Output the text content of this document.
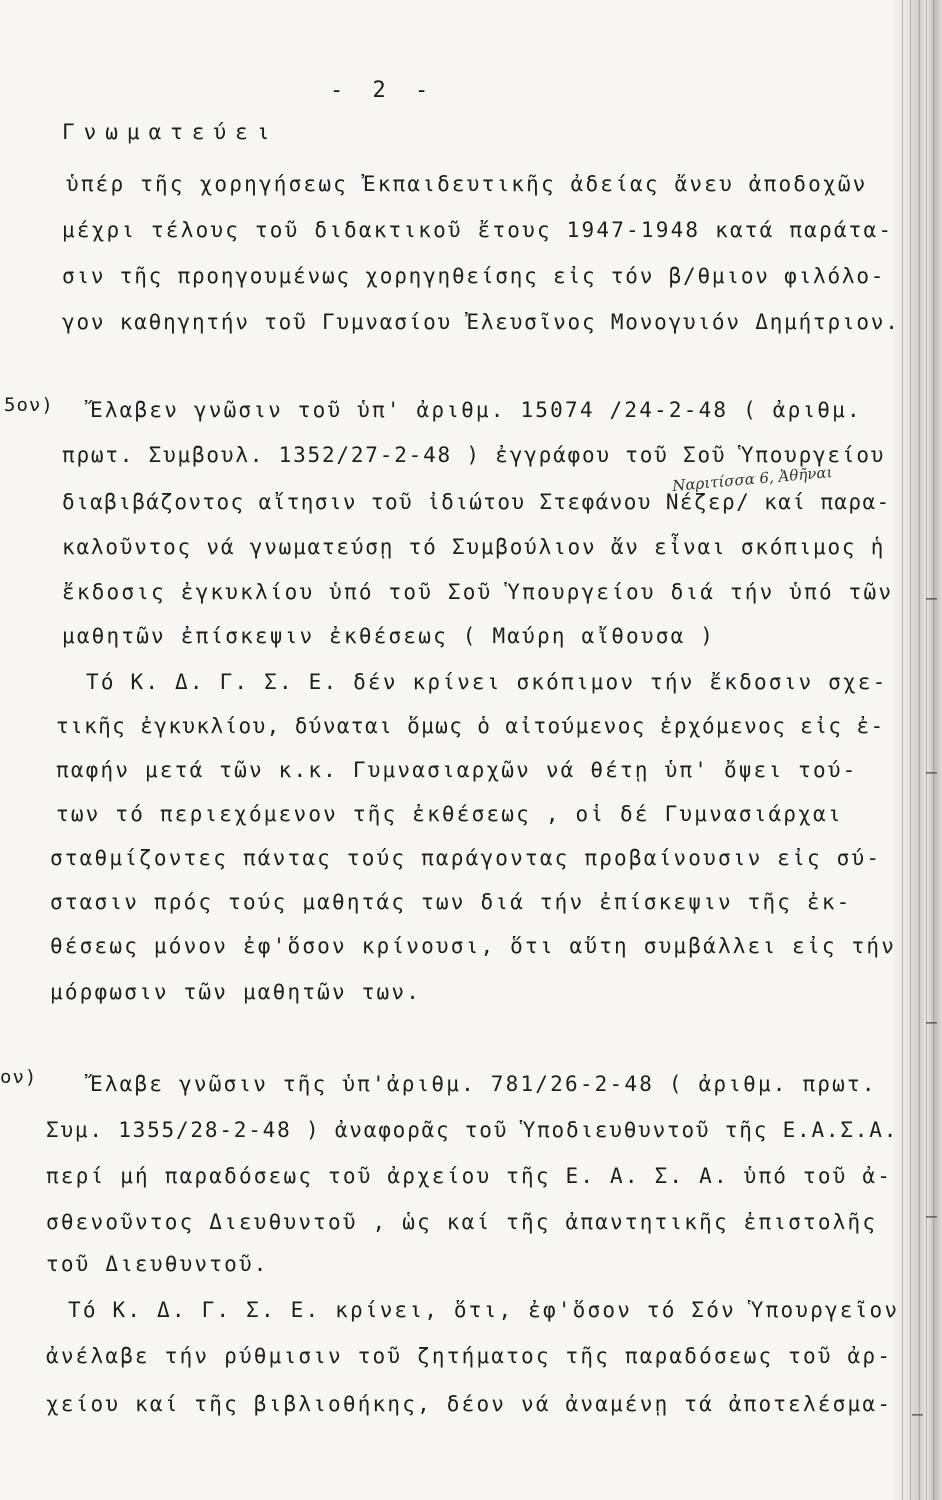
—
—
—
—
—
- 2 -
Γνωματεύει
ὑπέρ τῆς χορηγήσεως Ἐκπαιδευτικῆς ἀδείας ἄνευ ἀποδοχῶν
μέχρι τέλους τοῦ διδακτικοῦ ἔτους 1947-1948 κατά παράτα-
σιν τῆς προηγουμένως χορηγηθείσης εἰς τόν β/θμιον φιλόλο-
γον καθηγητήν τοῦ Γυμνασίου Ἐλευσῖνος Μονογυιόν Δημήτριον.
5ον) Ἔλαβεν γνῶσιν τοῦ ὑπ' ἀριθμ. 15074 /24-2-48 ( ἀριθμ.
πρωτ. Συμβουλ. 1352/27-2-48 ) ἐγγράφου τοῦ Σοῦ Ὑπουργείου
Ναριτίσσα 6, Ἀθῆναι
διαβιβάζοντος αἴτησιν τοῦ ἰδιώτου Στεφάνου Νέζερ/ καί παρα-
καλοῦντος νά γνωματεύσῃ τό Συμβούλιον ἄν εἶναι σκόπιμος ἡ
ἔκδοσις ἐγκυκλίου ὑπό τοῦ Σοῦ Ὑπουργείου διά τήν ὑπό τῶν
μαθητῶν ἐπίσκεψιν ἐκθέσεως ( Μαύρη αἴθουσα )
Τό Κ. Δ. Γ. Σ. Ε. δέν κρίνει σκόπιμον τήν ἔκδοσιν σχε-
τικῆς ἐγκυκλίου, δύναται ὅμως ὁ αἰτούμενος ἐρχόμενος εἰς ἐ-
παφήν μετά τῶν κ.κ. Γυμνασιαρχῶν νά θέτῃ ὑπ' ὄψει τού-
των τό περιεχόμενον τῆς ἐκθέσεως , οἱ δέ Γυμνασιάρχαι
σταθμίζοντες πάντας τούς παράγοντας προβαίνουσιν εἰς σύ-
στασιν πρός τούς μαθητάς των διά τήν ἐπίσκεψιν τῆς ἐκ-
θέσεως μόνον ἐφ'ὅσον κρίνουσι, ὅτι αὕτη συμβάλλει εἰς τήν
μόρφωσιν τῶν μαθητῶν των.
ον)	Ἔλαβε γνῶσιν τῆς ὑπ'ἀριθμ. 781/26-2-48 ( ἀριθμ. πρωτ.
Συμ. 1355/28-2-48 ) ἀναφορᾶς τοῦ Ὑποδιευθυντοῦ τῆς Ε.Α.Σ.Α.
περί μή παραδόσεως τοῦ ἀρχείου τῆς Ε. Α. Σ. Α. ὑπό τοῦ ἀ-
σθενοῦντος Διευθυντοῦ , ὡς καί τῆς ἀπαντητικῆς ἐπιστολῆς
τοῦ Διευθυντοῦ.
Τό Κ. Δ. Γ. Σ. Ε. κρίνει, ὅτι, ἐφ'ὅσον τό Σόν Ὑπουργεῖον
ἀνέλαβε τήν ρύθμισιν τοῦ ζητήματος τῆς παραδόσεως τοῦ ἀρ-
χείου καί τῆς βιβλιοθήκης, δέον νά ἀναμένῃ τά ἀποτελέσμα-
